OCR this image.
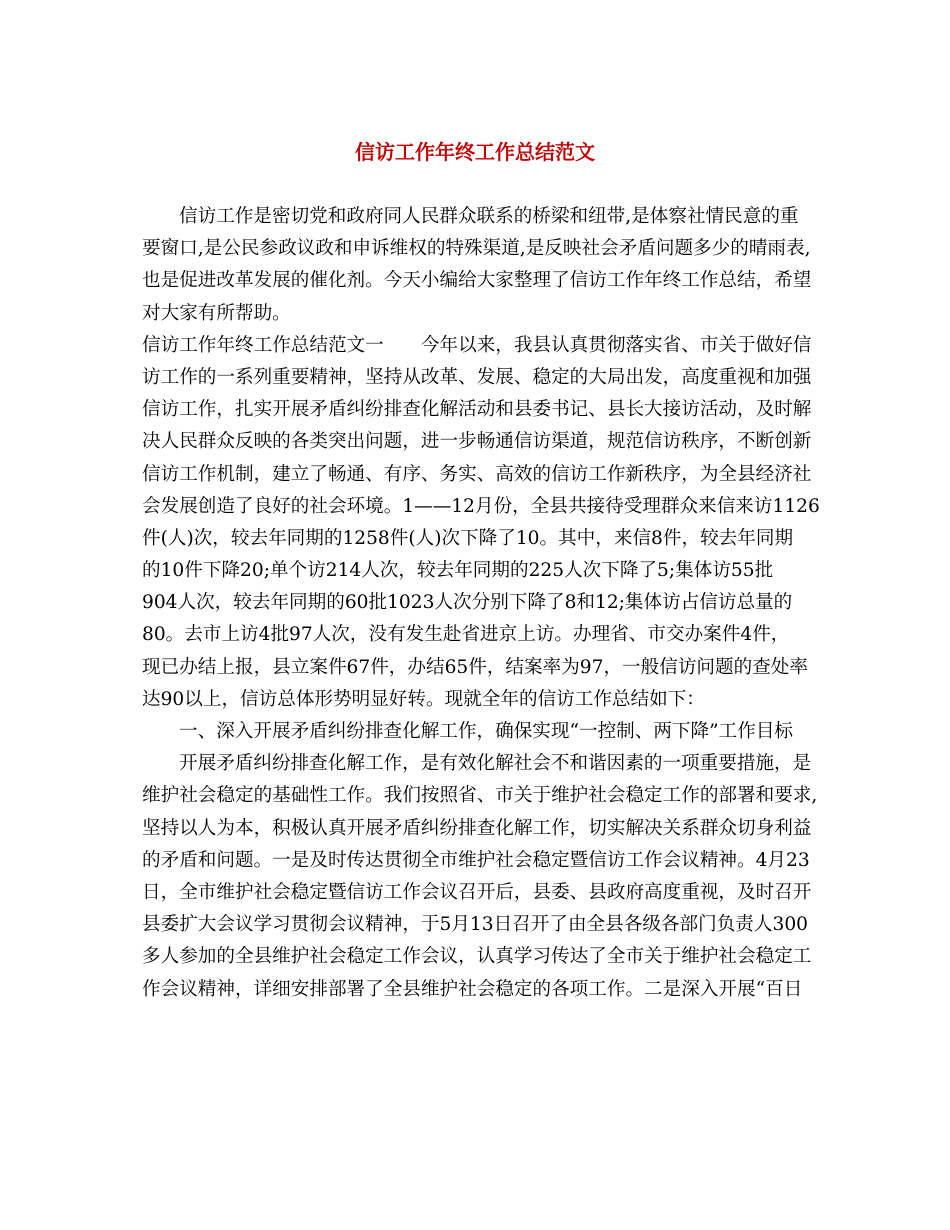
信访工作年终工作总结范文
信访工作是密切党和政府同人民群众联系的桥梁和纽带,是体察社情民意的重
要窗口,是公民参政议政和申诉维权的特殊渠道,是反映社会矛盾问题多少的晴雨表,
也是促进改革发展的催化剂。今天小编给大家整理了信访工作年终工作总结，希望
对大家有所帮助。
信访工作年终工作总结范文一　　今年以来，我县认真贯彻落实省、市关于做好信
访工作的一系列重要精神，坚持从改革、发展、稳定的大局出发，高度重视和加强
信访工作，扎实开展矛盾纠纷排查化解活动和县委书记、县长大接访活动，及时解
决人民群众反映的各类突出问题，进一步畅通信访渠道，规范信访秩序，不断创新
信访工作机制，建立了畅通、有序、务实、高效的信访工作新秩序，为全县经济社
会发展创造了良好的社会环境。1——12月份，全县共接待受理群众来信来访1126
件(人)次，较去年同期的1258件(人)次下降了10。其中，来信8件，较去年同期
的10件下降20;单个访214人次，较去年同期的225人次下降了5;集体访55批
904人次，较去年同期的60批1023人次分别下降了8和12;集体访占信访总量的
80。去市上访4批97人次，没有发生赴省进京上访。办理省、市交办案件4件，
现已办结上报，县立案件67件，办结65件，结案率为97，一般信访问题的查处率
达90以上，信访总体形势明显好转。现就全年的信访工作总结如下：
一、深入开展矛盾纠纷排查化解工作，确保实现“一控制、两下降”工作目标
开展矛盾纠纷排查化解工作，是有效化解社会不和谐因素的一项重要措施，是
维护社会稳定的基础性工作。我们按照省、市关于维护社会稳定工作的部署和要求,
坚持以人为本，积极认真开展矛盾纠纷排查化解工作，切实解决关系群众切身利益
的矛盾和问题。一是及时传达贯彻全市维护社会稳定暨信访工作会议精神。4月23
日，全市维护社会稳定暨信访工作会议召开后，县委、县政府高度重视，及时召开
县委扩大会议学习贯彻会议精神，于5月13日召开了由全县各级各部门负责人300
多人参加的全县维护社会稳定工作会议，认真学习传达了全市关于维护社会稳定工
作会议精神，详细安排部署了全县维护社会稳定的各项工作。二是深入开展“百日
